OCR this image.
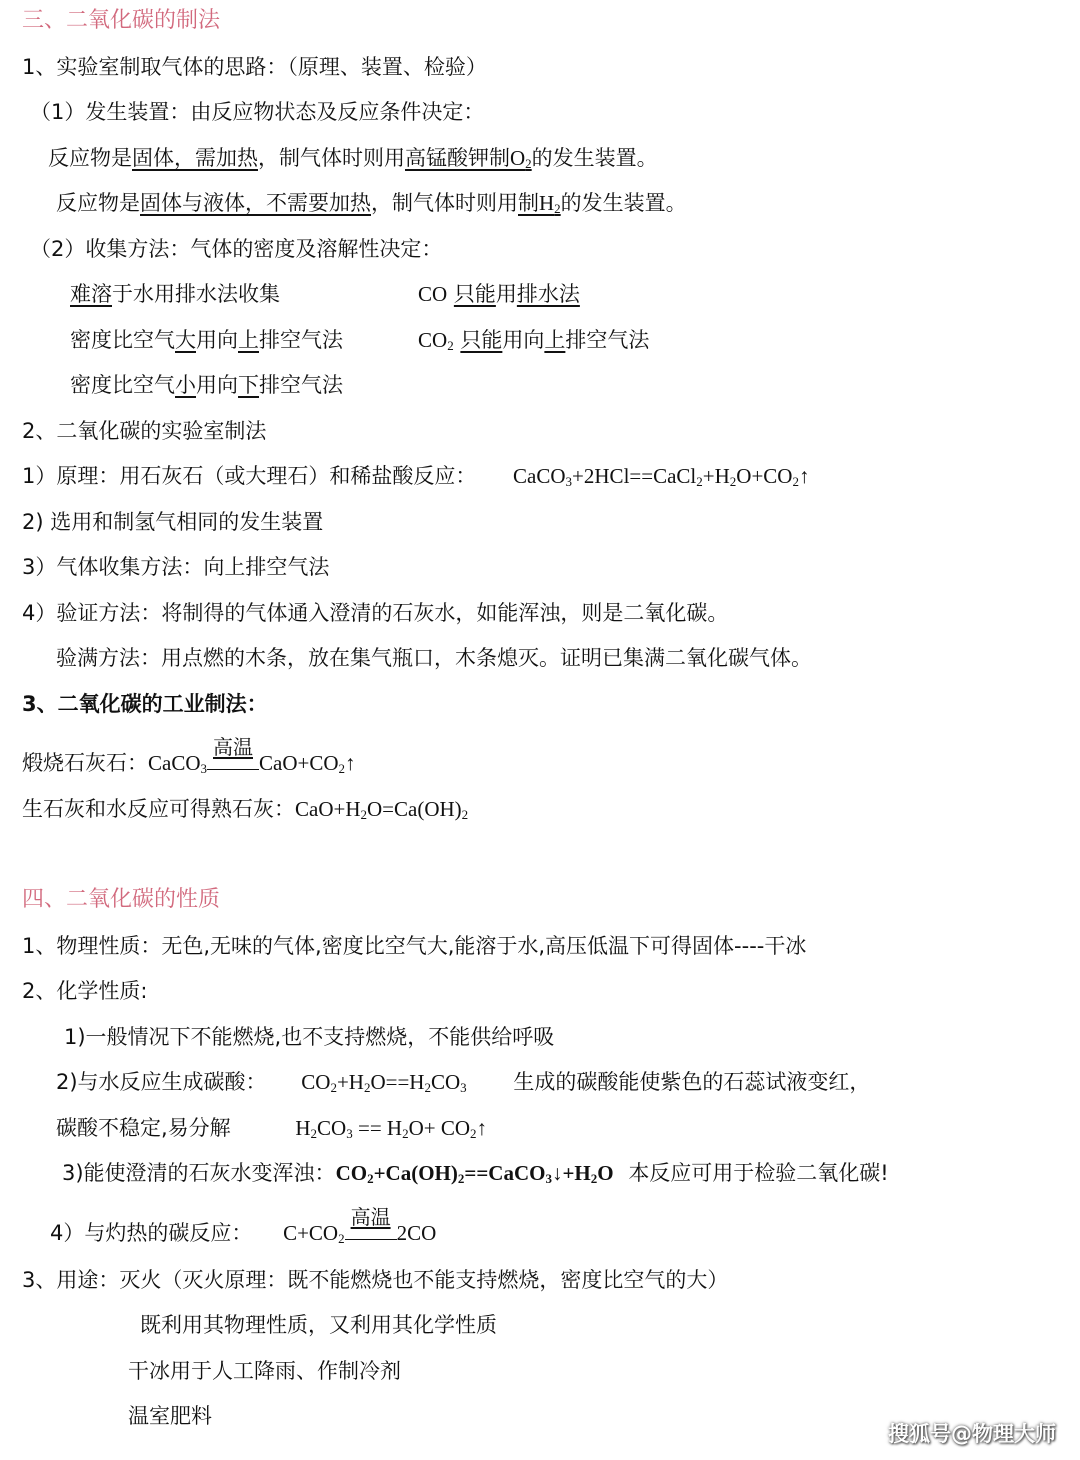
三、二氧化碳的制法
1、实验室制取气体的思路：（原理、装置、检验）
（1）发生装置：由反应物状态及反应条件决定：
反应物是固体，需加热，制气体时则用高锰酸钾制$O_2$的发生装置。
反应物是固体与液体，不需要加热，制气体时则用制$H_2$的发生装置。
（2）收集方法：气体的密度及溶解性决定：
难溶于水用排水法收集	CO 只能用排水法
密度比空气大用向上排空气法	$CO_2$ 只能用向上排空气法
密度比空气小用向下排空气法
2、二氧化碳的实验室制法
1）原理：用石灰石（或大理石）和稀盐酸反应： $CaCO_3+2HCl==CaCl_2+H_2O+CO_2↑$
2) 选用和制氢气相同的发生装置
3）气体收集方法：向上排空气法
4）验证方法：将制得的气体通入澄清的石灰水，如能浑浊，则是二氧化碳。
验满方法：用点燃的木条，放在集气瓶口，木条熄灭。证明已集满二氧化碳气体。
3、二氧化碳的工业制法：
煅烧石灰石：CaCO$_3$
高温
$CaO+CO_2↑$
生石灰和水反应可得熟石灰：$CaO+H_2O=Ca(OH)_2$
四、二氧化碳的性质
1、物理性质：无色,无味的气体,密度比空气大,能溶于水,高压低温下可得固体----干冰
2、化学性质:
1)一般情况下不能燃烧,也不支持燃烧，不能供给呼吸
2)与水反应生成碳酸： $CO_2+H_2O==H_2CO_3$ 生成的碳酸能使紫色的石蕊试液变红，
碳酸不稳定,易分解	$H_2CO_3 == H_2O+$ $CO_2↑$
3)能使澄清的石灰水变浑浊：$CO_2+Ca(OH)_2==CaCO_3↓+H_2O$ 本反应可用于检验二氧化碳!
4）与灼热的碳反应： $C+CO_2$
高温
2CO
3、用途：灭火（灭火原理：既不能燃烧也不能支持燃烧，密度比空气的大）
既利用其物理性质，又利用其化学性质
干冰用于人工降雨、作制冷剂
温室肥料
搜狐号@物理大师
